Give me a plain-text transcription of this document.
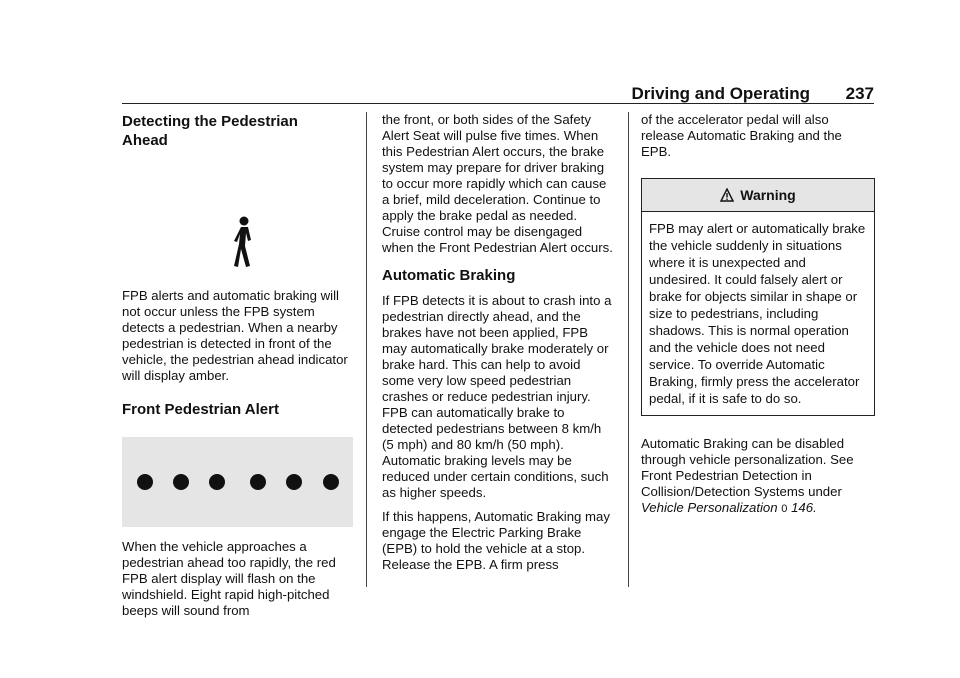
Driving and Operating 237
Detecting the Pedestrian Ahead

FPB alerts and automatic braking will not occur unless the FPB system detects a pedestrian. When a nearby pedestrian is detected in front of the vehicle, the pedestrian ahead indicator will display amber.

Front Pedestrian Alert

When the vehicle approaches a pedestrian ahead too rapidly, the red FPB alert display will flash on the windshield. Eight rapid high-pitched beeps will sound from

the front, or both sides of the Safety Alert Seat will pulse five times. When this Pedestrian Alert occurs, the brake system may prepare for driver braking to occur more rapidly which can cause a brief, mild deceleration. Continue to apply the brake pedal as needed. Cruise control may be disengaged when the Front Pedestrian Alert occurs.

Automatic Braking

If FPB detects it is about to crash into a pedestrian directly ahead, and the brakes have not been applied, FPB may automatically brake moderately or brake hard. This can help to avoid some very low speed pedestrian crashes or reduce pedestrian injury. FPB can automatically brake to detected pedestrians between 8 km/h (5 mph) and 80 km/h (50 mph). Automatic braking levels may be reduced under certain conditions, such as higher speeds.

If this happens, Automatic Braking may engage the Electric Parking Brake (EPB) to hold the vehicle at a stop. Release the EPB. A firm press

of the accelerator pedal will also release Automatic Braking and the EPB.

Warning
FPB may alert or automatically brake the vehicle suddenly in situations where it is unexpected and undesired. It could falsely alert or brake for objects similar in shape or size to pedestrians, including shadows. This is normal operation and the vehicle does not need service. To override Automatic Braking, firmly press the accelerator pedal, if it is safe to do so.

Automatic Braking can be disabled through vehicle personalization. See Front Pedestrian Detection in Collision/Detection Systems under Vehicle Personalization 0 146.
